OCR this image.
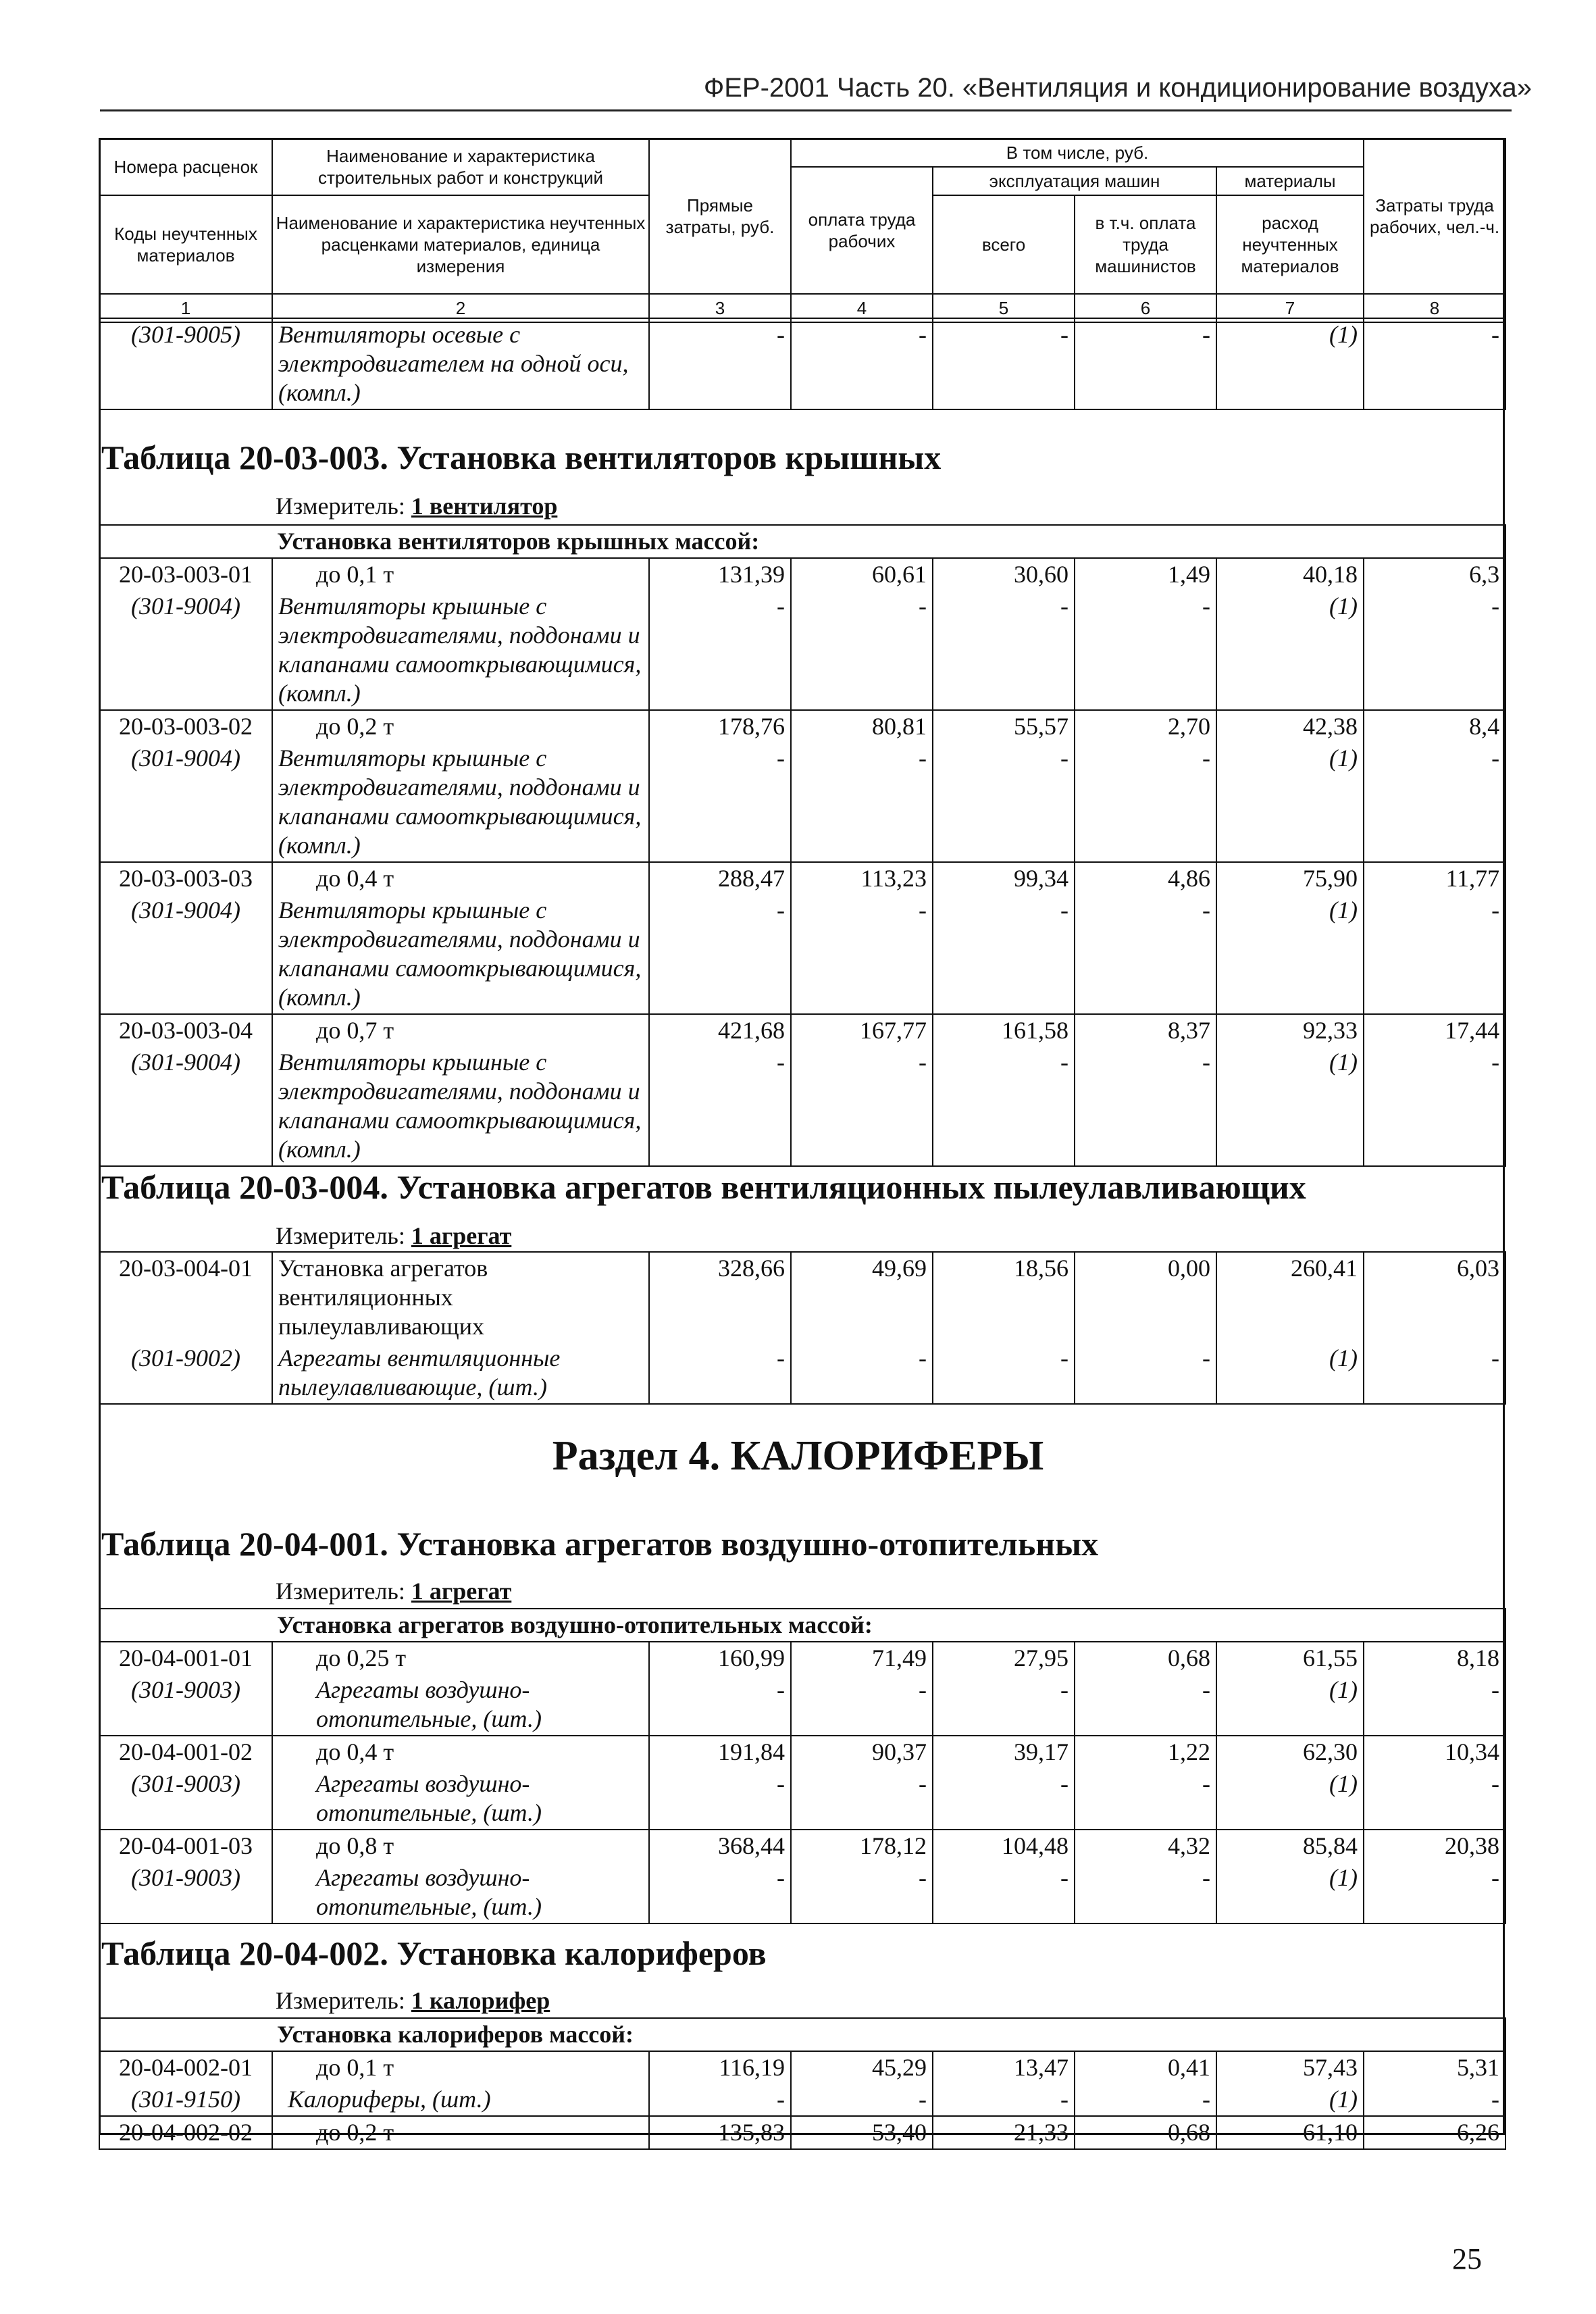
ФЕР-2001 Часть 20. «Вентиляция и кондиционирование воздуха»
Номера расценок	Наименование и характеристика строительных работ и конструкций	Прямые затраты, руб.	В том числе, руб.				Затраты труда рабочих, чел.-ч.
			оплата труда рабочих	эксплуатация машин		материалы	
Коды неучтенных материалов	Наименование и характеристика неучтенных расценками материалов, единица измерения			всего	в т.ч. оплата труда машинистов	расход неучтенных материалов	

1	2	3	4	5	6	7	8
(301-9005)	Вентиляторы осевые с электродвигателем на одной оси, (компл.)	-	-	-	-	(1)	-
Таблица 20-03-003. Установка вентиляторов крышных
Измеритель: 1 вентилятор
Установка вентиляторов крышных массой:							
20-03-003-01	до 0,1 т	131,39	60,61	30,60	1,49	40,18	6,3
(301-9004)	Вентиляторы крышные с электродвигателями, поддонами и клапанами самооткрывающимися, (компл.)	-	-	-	-	(1)	-
20-03-003-02	до 0,2 т	178,76	80,81	55,57	2,70	42,38	8,4
(301-9004)	Вентиляторы крышные с электродвигателями, поддонами и клапанами самооткрывающимися, (компл.)	-	-	-	-	(1)	-
20-03-003-03	до 0,4 т	288,47	113,23	99,34	4,86	75,90	11,77
(301-9004)	Вентиляторы крышные с электродвигателями, поддонами и клапанами самооткрывающимися, (компл.)	-	-	-	-	(1)	-
20-03-003-04	до 0,7 т	421,68	167,77	161,58	8,37	92,33	17,44
(301-9004)	Вентиляторы крышные с электродвигателями, поддонами и клапанами самооткрывающимися, (компл.)	-	-	-	-	(1)	-
Таблица 20-03-004. Установка агрегатов вентиляционных пылеулавливающих
Измеритель: 1 агрегат
20-03-004-01	Установка агрегатов вентиляционных пылеулавливающих	328,66	49,69	18,56	0,00	260,41	6,03
(301-9002)	Агрегаты вентиляционные пылеулавливающие, (шт.)	-	-	-	-	(1)	-
Раздел 4. КАЛОРИФЕРЫ
Таблица 20-04-001. Установка агрегатов воздушно-отопительных
Измеритель: 1 агрегат
Установка агрегатов воздушно-отопительных массой:							
20-04-001-01	до 0,25 т	160,99	71,49	27,95	0,68	61,55	8,18
(301-9003)	Агрегаты воздушно-отопительные, (шт.)	-	-	-	-	(1)	-
20-04-001-02	до 0,4 т	191,84	90,37	39,17	1,22	62,30	10,34
(301-9003)	Агрегаты воздушно-отопительные, (шт.)	-	-	-	-	(1)	-
20-04-001-03	до 0,8 т	368,44	178,12	104,48	4,32	85,84	20,38
(301-9003)	Агрегаты воздушно-отопительные, (шт.)	-	-	-	-	(1)	-
Таблица 20-04-002. Установка калориферов
Измеритель: 1 калорифер
Установка калориферов массой:							
20-04-002-01	до 0,1 т	116,19	45,29	13,47	0,41	57,43	5,31
(301-9150)	Калориферы, (шт.)	-	-	-	-	(1)	-
20-04-002-02	до 0,2 т	135,83	53,40	21,33	0,68	61,10	6,26
25
